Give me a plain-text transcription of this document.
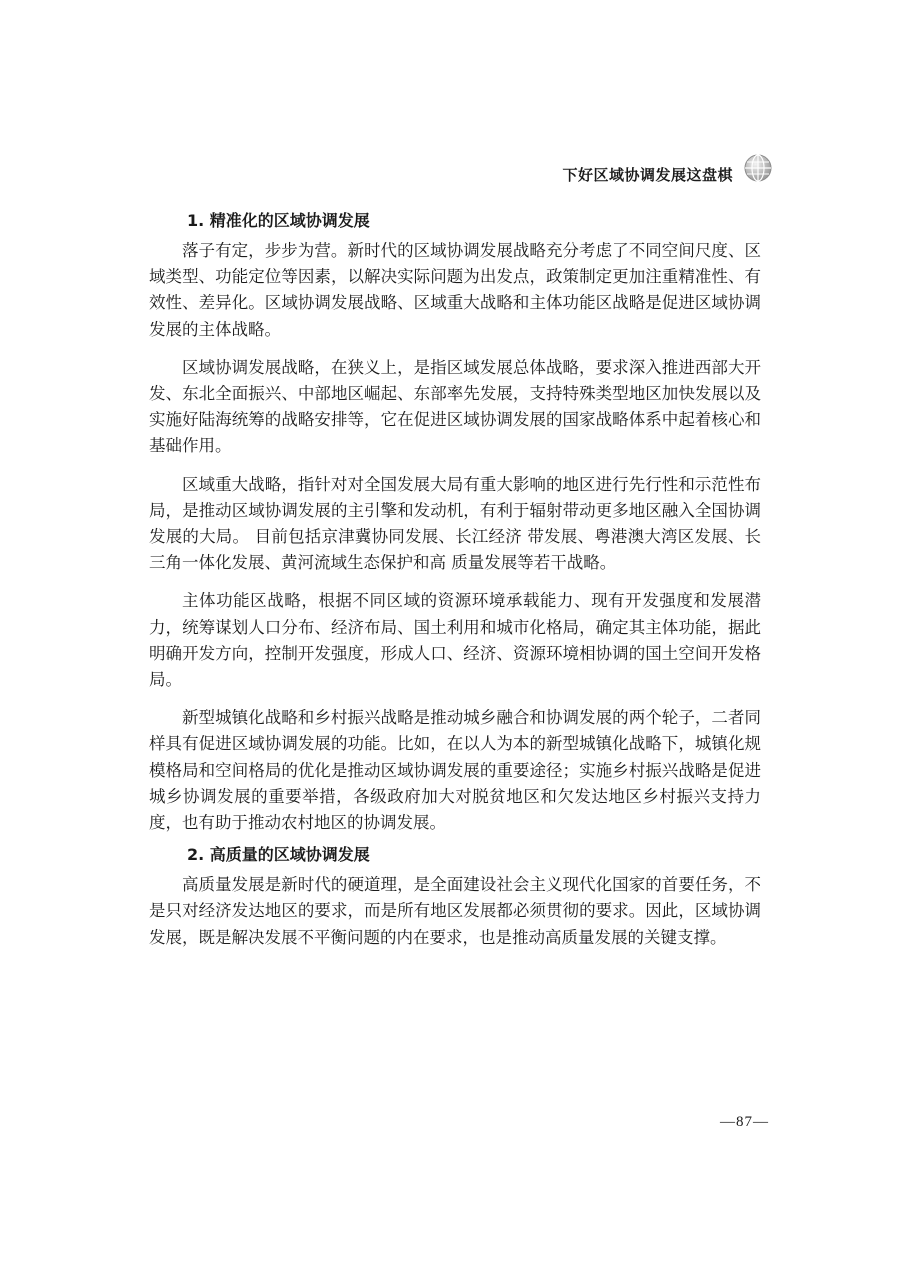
下好区域协调发展这盘棋
1. 精准化的区域协调发展

落子有定，步步为营。新时代的区域协调发展战略充分考虑了不同空间尺度、区域类型、功能定位等因素，以解决实际问题为出发点，政策制定更加注重精准性、有效性、差异化。区域协调发展战略、区域重大战略和主体功能区战略是促进区域协调发展的主体战略。

区域协调发展战略，在狭义上，是指区域发展总体战略，要求深入推进西部大开发、东北全面振兴、中部地区崛起、东部率先发展，支持特殊类型地区加快发展以及实施好陆海统筹的战略安排等，它在促进区域协调发展的国家战略体系中起着核心和基础作用。

区域重大战略，指针对对全国发展大局有重大影响的地区进行先行性和示范性布局，是推动区域协调发展的主引擎和发动机，有利于辐射带动更多地区融入全国协调发展的大局。 目前包括京津冀协同发展、长江经济 带发展、粤港澳大湾区发展、长三角一体化发展、黄河流域生态保护和高 质量发展等若干战略。

主体功能区战略，根据不同区域的资源环境承载能力、现有开发强度和发展潜力，统筹谋划人口分布、经济布局、国土利用和城市化格局，确定其主体功能，据此明确开发方向，控制开发强度，形成人口、经济、资源环境相协调的国土空间开发格局。

新型城镇化战略和乡村振兴战略是推动城乡融合和协调发展的两个轮子，二者同样具有促进区域协调发展的功能。比如，在以人为本的新型城镇化战略下，城镇化规模格局和空间格局的优化是推动区域协调发展的重要途径；实施乡村振兴战略是促进城乡协调发展的重要举措，各级政府加大对脱贫地区和欠发达地区乡村振兴支持力度，也有助于推动农村地区的协调发展。

2. 高质量的区域协调发展

高质量发展是新时代的硬道理，是全面建设社会主义现代化国家的首要任务，不是只对经济发达地区的要求，而是所有地区发展都必须贯彻的要求。因此，区域协调发展，既是解决发展不平衡问题的内在要求，也是推动高质量发展的关键支撑。

—87—
